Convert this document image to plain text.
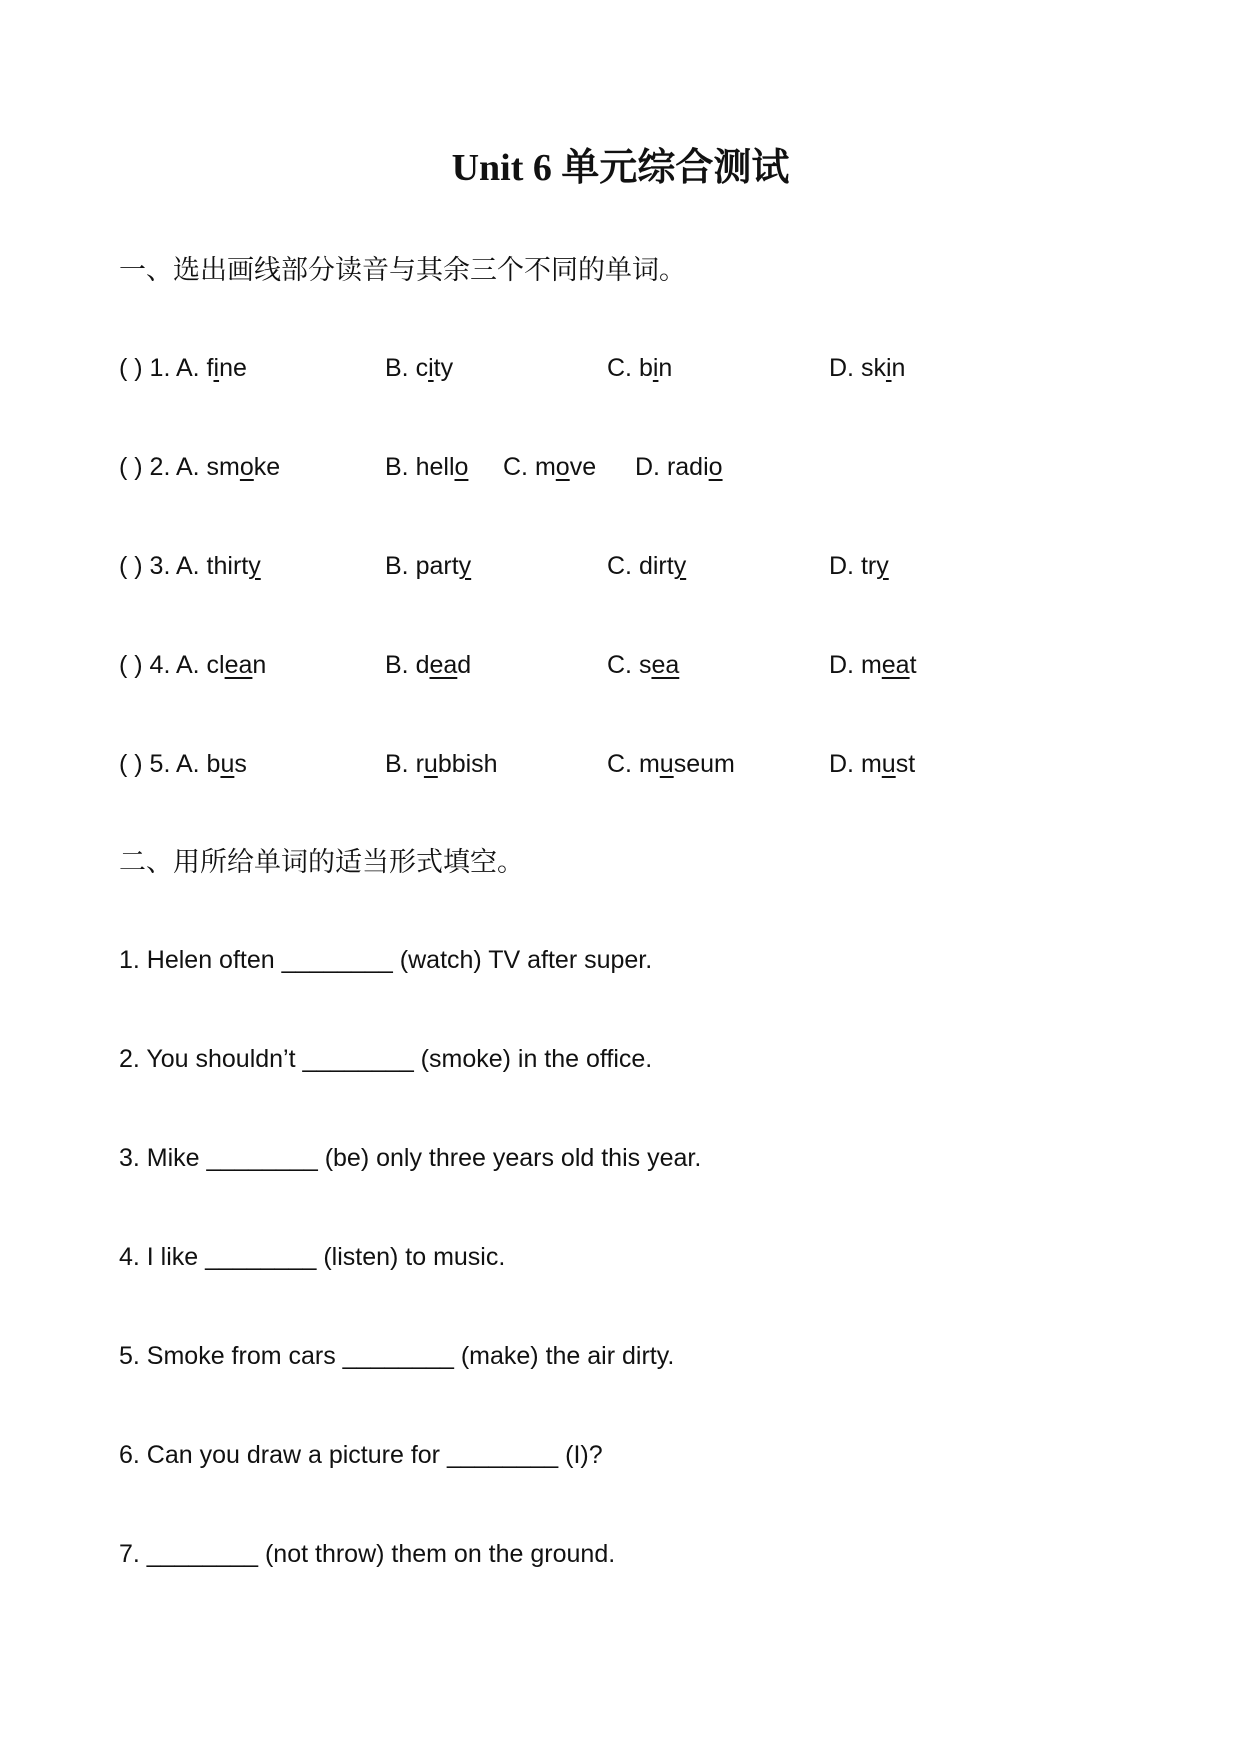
Unit 6 单元综合测试
一、选出画线部分读音与其余三个不同的单词。
( ) 1. A. fine	B. city	C. bin	D. skin
( ) 2. A. smoke	B. hello C. move D. radio
( ) 3. A. thirty	B. party	C. dirty	D. try
( ) 4. A. clean	B. dead	C. sea	D. meat
( ) 5. A. bus	B. rubbish	C. museum	D. must
二、用所给单词的适当形式填空。
1. Helen often ________ (watch) TV after super.
2. You shouldn’t ________ (smoke) in the office.
3. Mike ________ (be) only three years old this year.
4. I like ________ (listen) to music.
5. Smoke from cars ________ (make) the air dirty.
6. Can you draw a picture for ________ (I)?
7. ________ (not throw) them on the ground.
